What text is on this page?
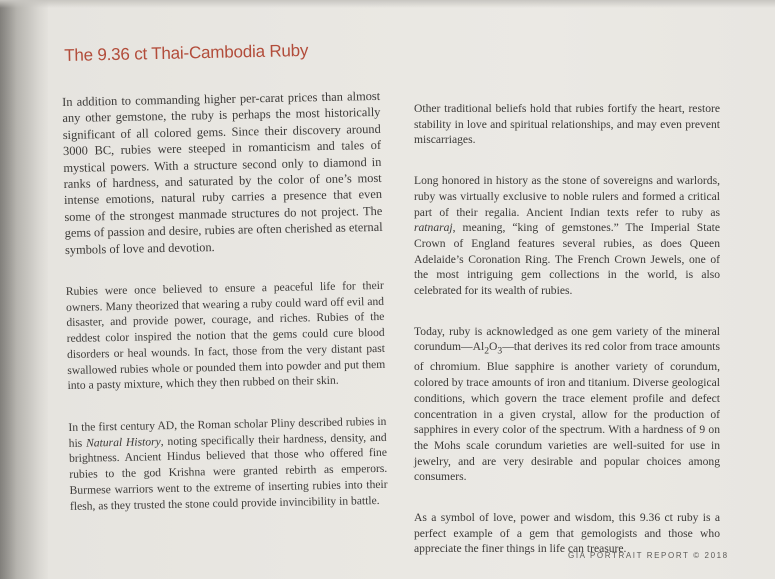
The 9.36 ct Thai-Cambodia Ruby

In addition to commanding higher per-carat prices than almost any other gemstone, the ruby is perhaps the most historically significant of all colored gems. Since their discovery around 3000 BC, rubies were steeped in romanticism and tales of mystical powers. With a structure second only to diamond in ranks of hardness, and saturated by the color of one’s most intense emotions, natural ruby carries a presence that even some of the strongest manmade structures do not project. The gems of passion and desire, rubies are often cherished as eternal symbols of love and devotion.

Rubies were once believed to ensure a peaceful life for their owners. Many theorized that wearing a ruby could ward off evil and disaster, and provide power, courage, and riches. Rubies of the reddest color inspired the notion that the gems could cure blood disorders or heal wounds. In fact, those from the very distant past swallowed rubies whole or pounded them into powder and put them into a pasty mixture, which they then rubbed on their skin.

In the first century AD, the Roman scholar Pliny described rubies in his Natural History, noting specifically their hardness, density, and brightness. Ancient Hindus believed that those who offered fine rubies to the god Krishna were granted rebirth as emperors. Burmese warriors went to the extreme of inserting rubies into their flesh, as they trusted the stone could provide invincibility in battle.

Other traditional beliefs hold that rubies fortify the heart, restore stability in love and spiritual relationships, and may even prevent miscarriages.

Long honored in history as the stone of sovereigns and warlords, ruby was virtually exclusive to noble rulers and formed a critical part of their regalia. Ancient Indian texts refer to ruby as ratnaraj, meaning, “king of gemstones.” The Imperial State Crown of England features several rubies, as does Queen Adelaide’s Coronation Ring. The French Crown Jewels, one of the most intriguing gem collections in the world, is also celebrated for its wealth of rubies.

Today, ruby is acknowledged as one gem variety of the mineral $corundum—Al_2O_3—that$ derives its red color from trace amounts of chromium. Blue sapphire is another variety of corundum, colored by trace amounts of iron and titanium. Diverse geological conditions, which govern the trace element profile and defect concentration in a given crystal, allow for the production of sapphires in every color of the spectrum. With a hardness of 9 on the Mohs scale corundum varieties are well-suited for use in jewelry, and are very desirable and popular choices among consumers.

As a symbol of love, power and wisdom, this 9.36 ct ruby is a perfect example of a gem that gemologists and those who appreciate the finer things in life can treasure.

GIA PORTRAIT REPORT © 2018
